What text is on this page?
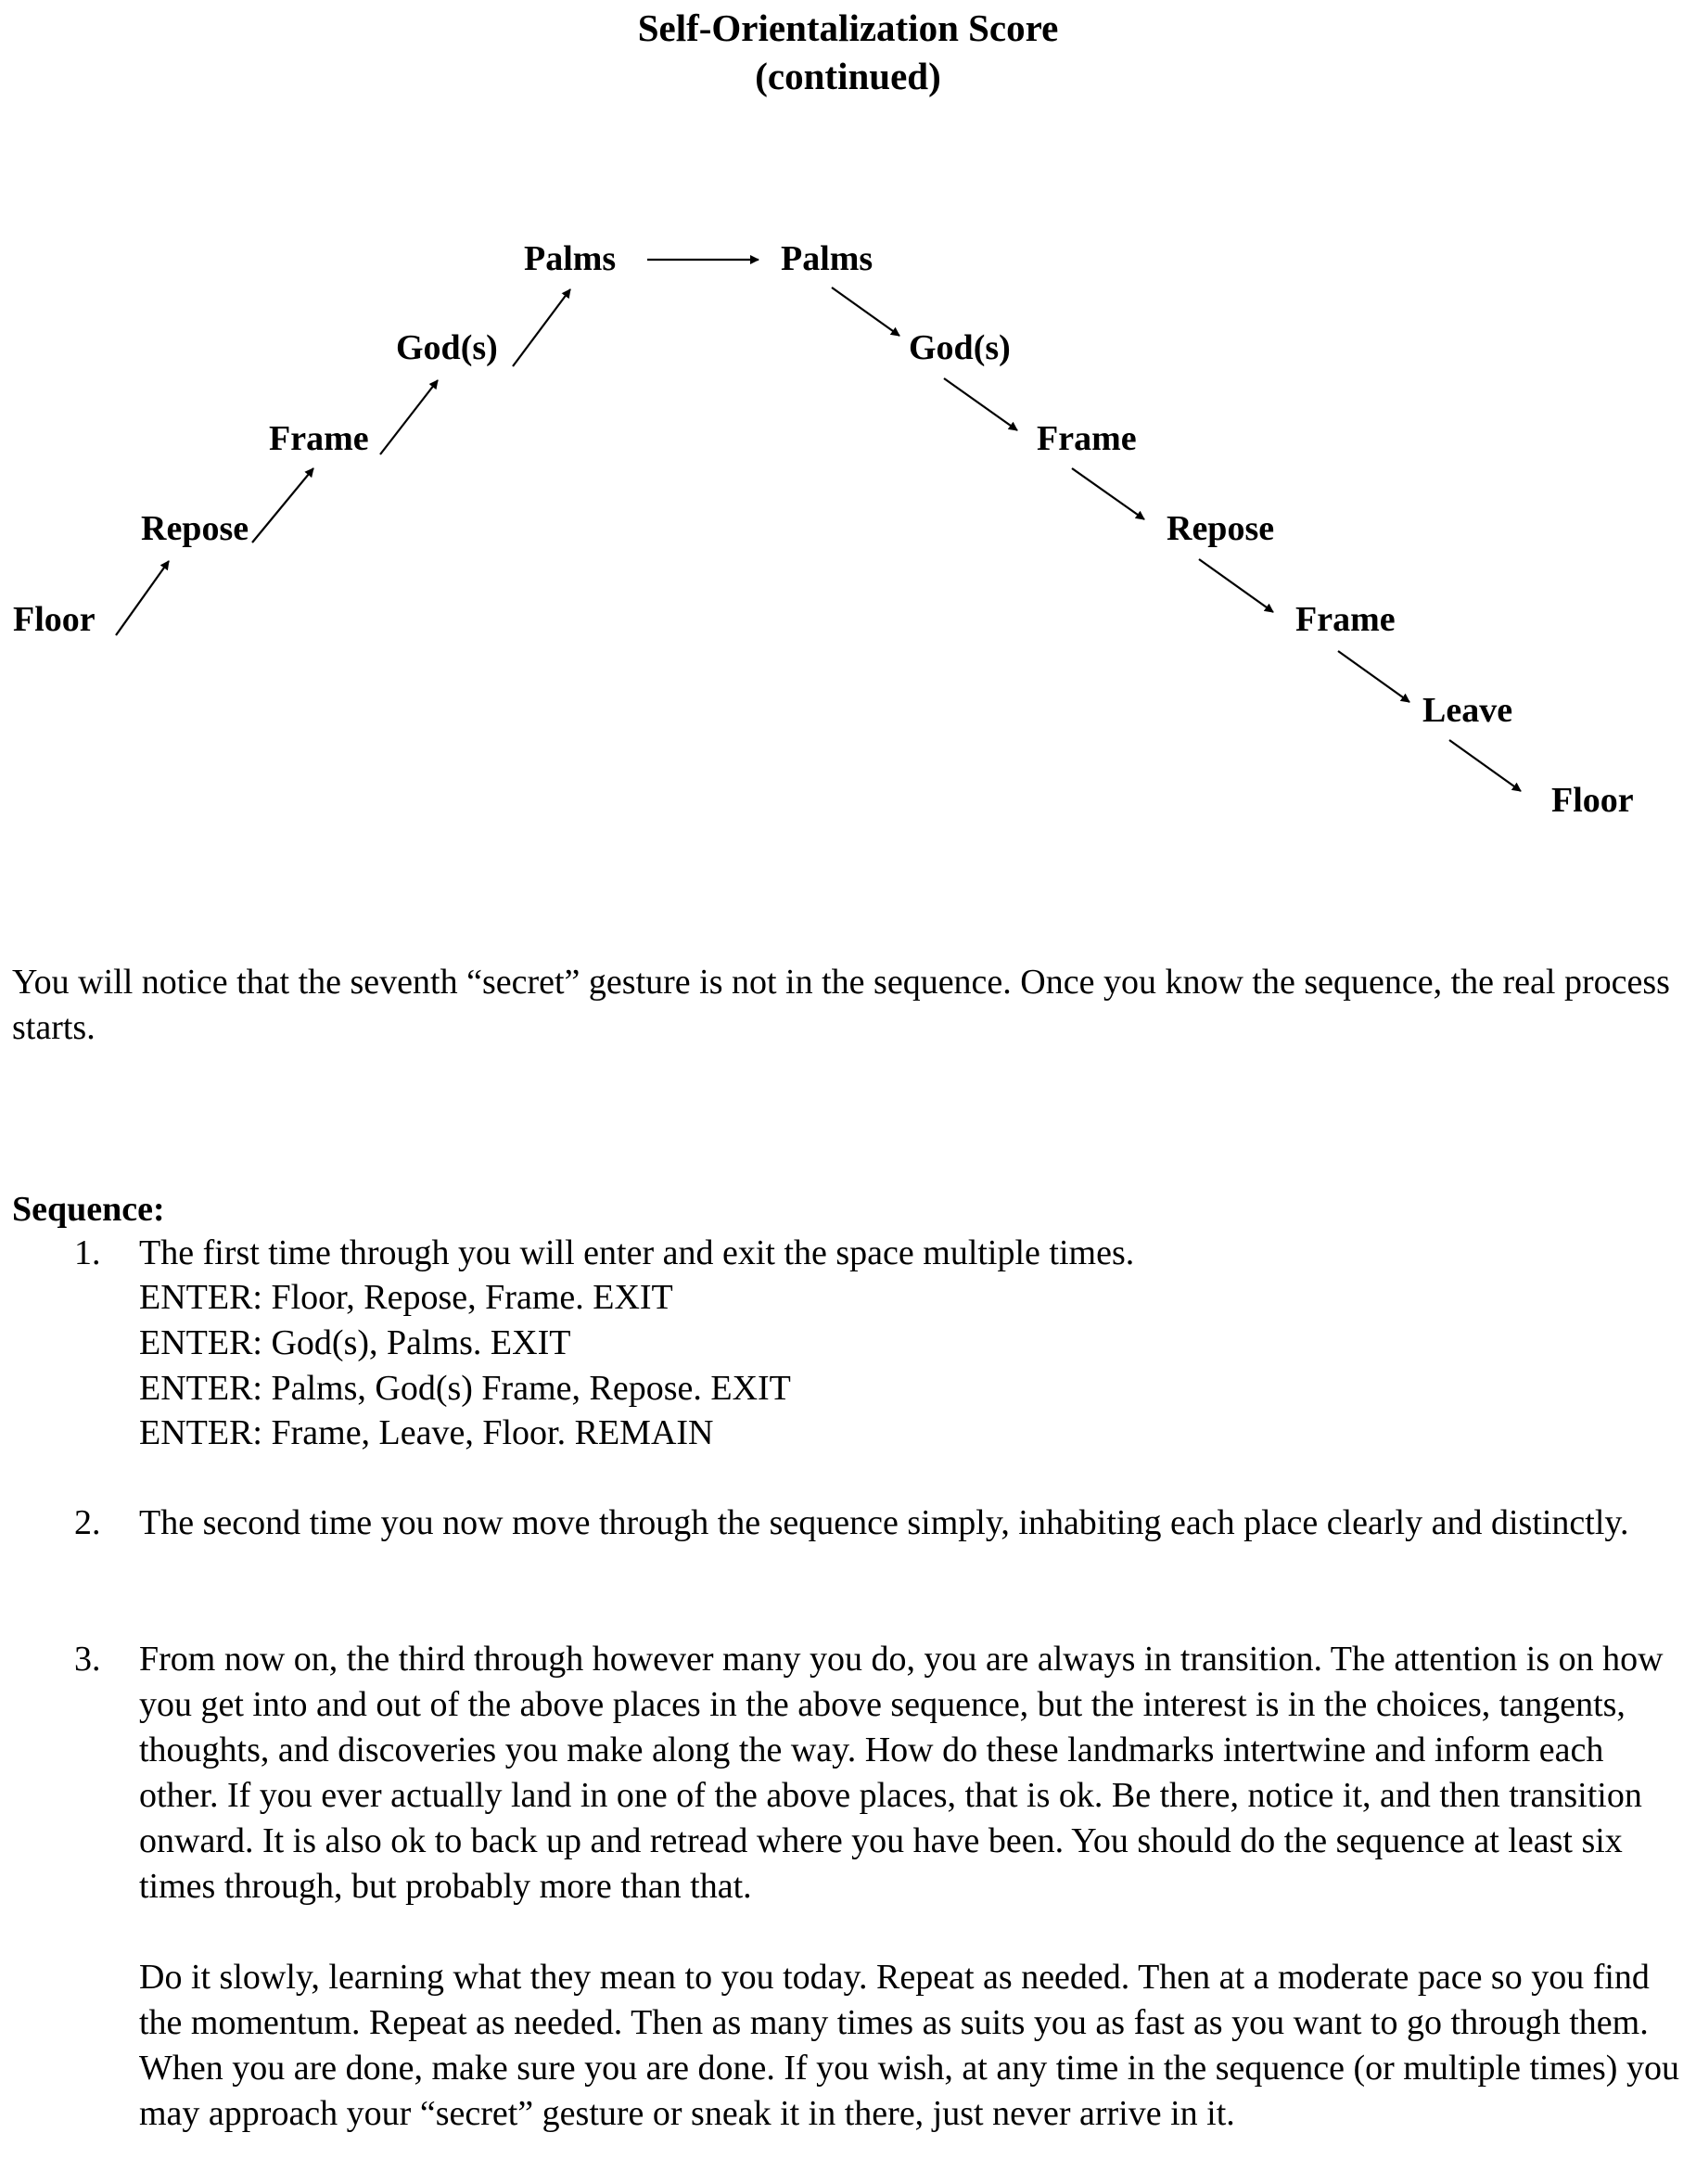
Self-Orientalization Score
(continued)
Floor
Repose
Frame
God(s)
Palms	Palms
God(s)
Frame
Repose
Frame
Leave
Floor
You will notice that the seventh “secret” gesture is not in the sequence. Once you know the sequence, the real process starts.
Sequence:
1. The first time through you will enter and exit the space multiple times.
ENTER: Floor, Repose, Frame. EXIT
ENTER: God(s), Palms. EXIT
ENTER: Palms, God(s) Frame, Repose. EXIT
ENTER: Frame, Leave, Floor. REMAIN
2. The second time you now move through the sequence simply, inhabiting each place clearly and distinctly.
3. From now on, the third through however many you do, you are always in transition. The attention is on how you get into and out of the above places in the above sequence, but the interest is in the choices, tangents, thoughts, and discoveries you make along the way. How do these landmarks intertwine and inform each other. If you ever actually land in one of the above places, that is ok. Be there, notice it, and then transition onward. It is also ok to back up and retread where you have been. You should do the sequence at least six times through, but probably more than that.
Do it slowly, learning what they mean to you today. Repeat as needed. Then at a moderate pace so you find the momentum. Repeat as needed. Then as many times as suits you as fast as you want to go through them. When you are done, make sure you are done. If you wish, at any time in the sequence (or multiple times) you may approach your “secret” gesture or sneak it in there, just never arrive in it.
